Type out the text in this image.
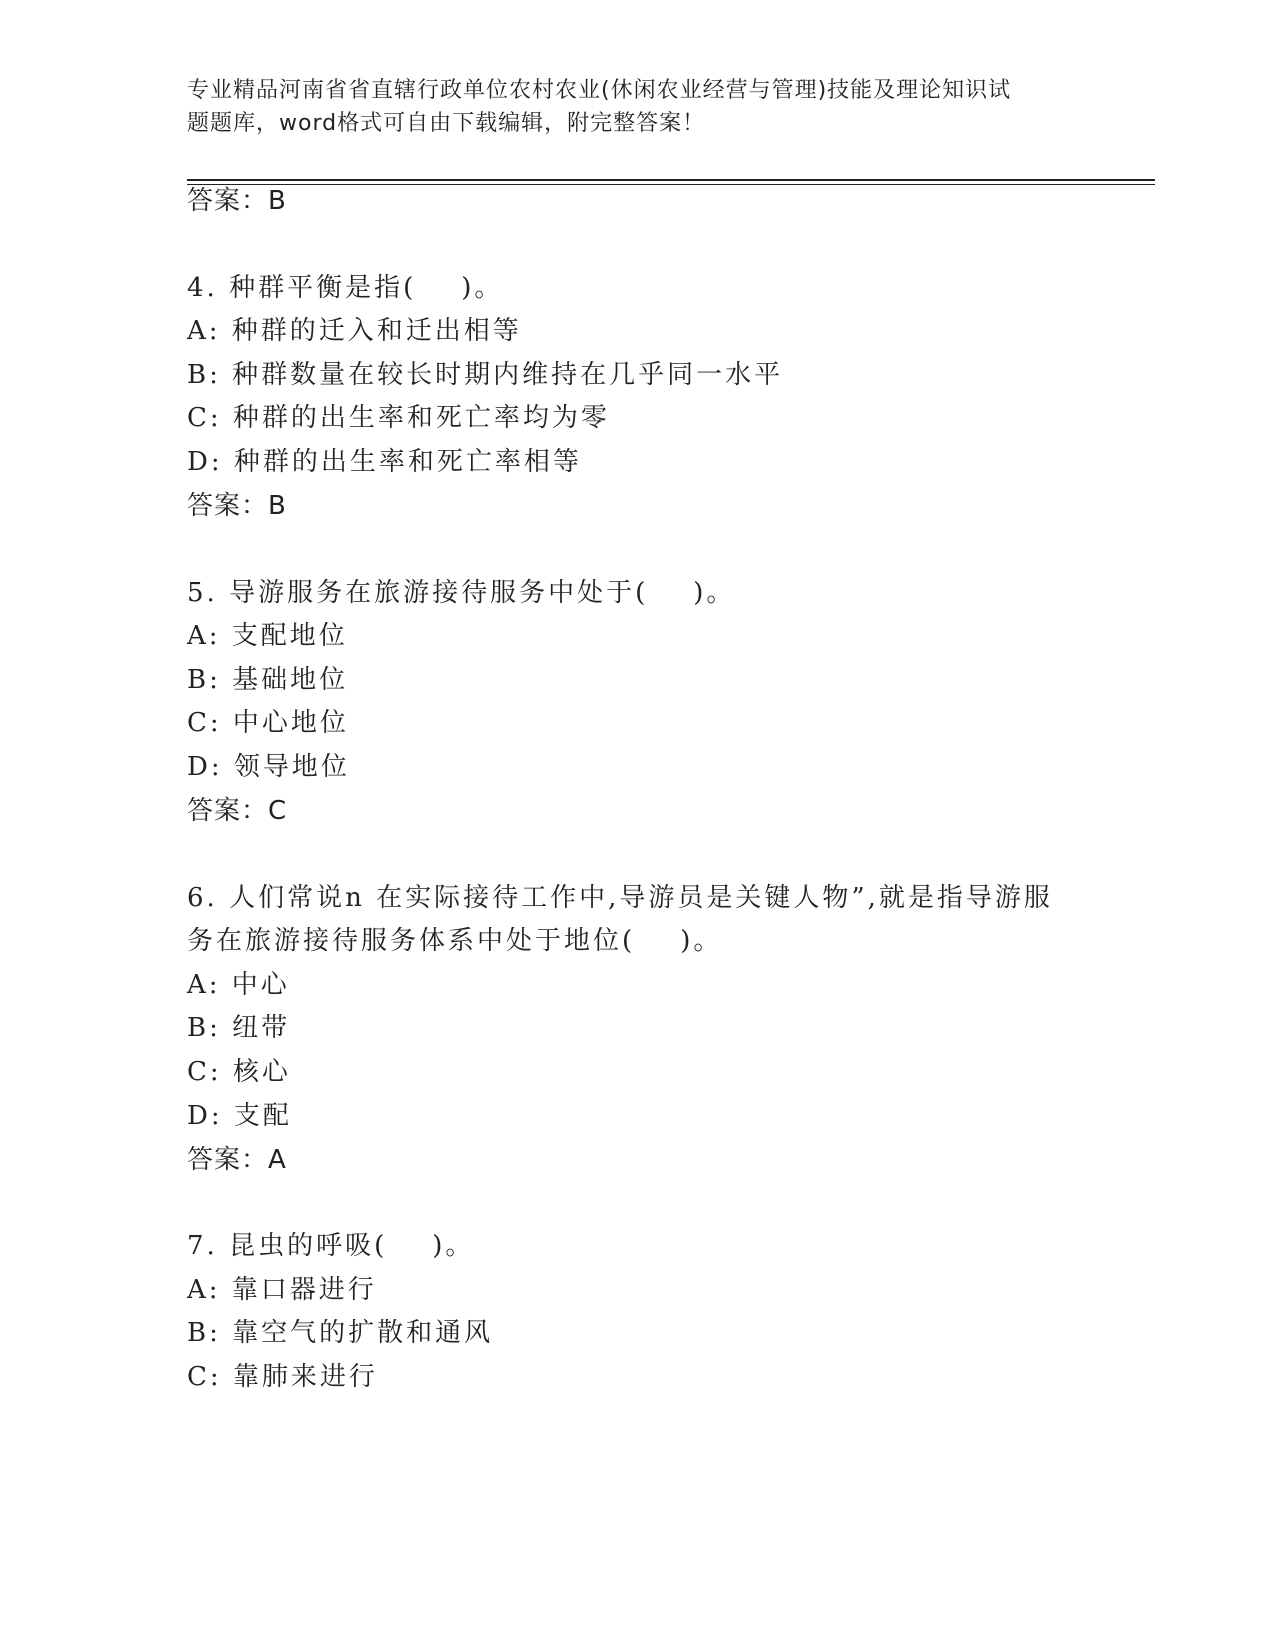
专业精品河南省省直辖行政单位农村农业(休闲农业经营与管理)技能及理论知识试
题题库，word格式可自由下载编辑，附完整答案！
答案：B
4. 种群平衡是指(    )。
A: 种群的迁入和迁出相等
B: 种群数量在较长时期内维持在几乎同一水平
C: 种群的出生率和死亡率均为零
D: 种群的出生率和死亡率相等
答案：B
5. 导游服务在旅游接待服务中处于(    )。
A: 支配地位
B: 基础地位
C: 中心地位
D: 领导地位
答案：C
6. 人们常说n 在实际接待工作中,导游员是关键人物”,就是指导游服
务在旅游接待服务体系中处于地位(    )。
A: 中心
B: 纽带
C: 核心
D: 支配
答案：A
7. 昆虫的呼吸(    )。
A: 靠口器进行
B: 靠空气的扩散和通风
C: 靠肺来进行
